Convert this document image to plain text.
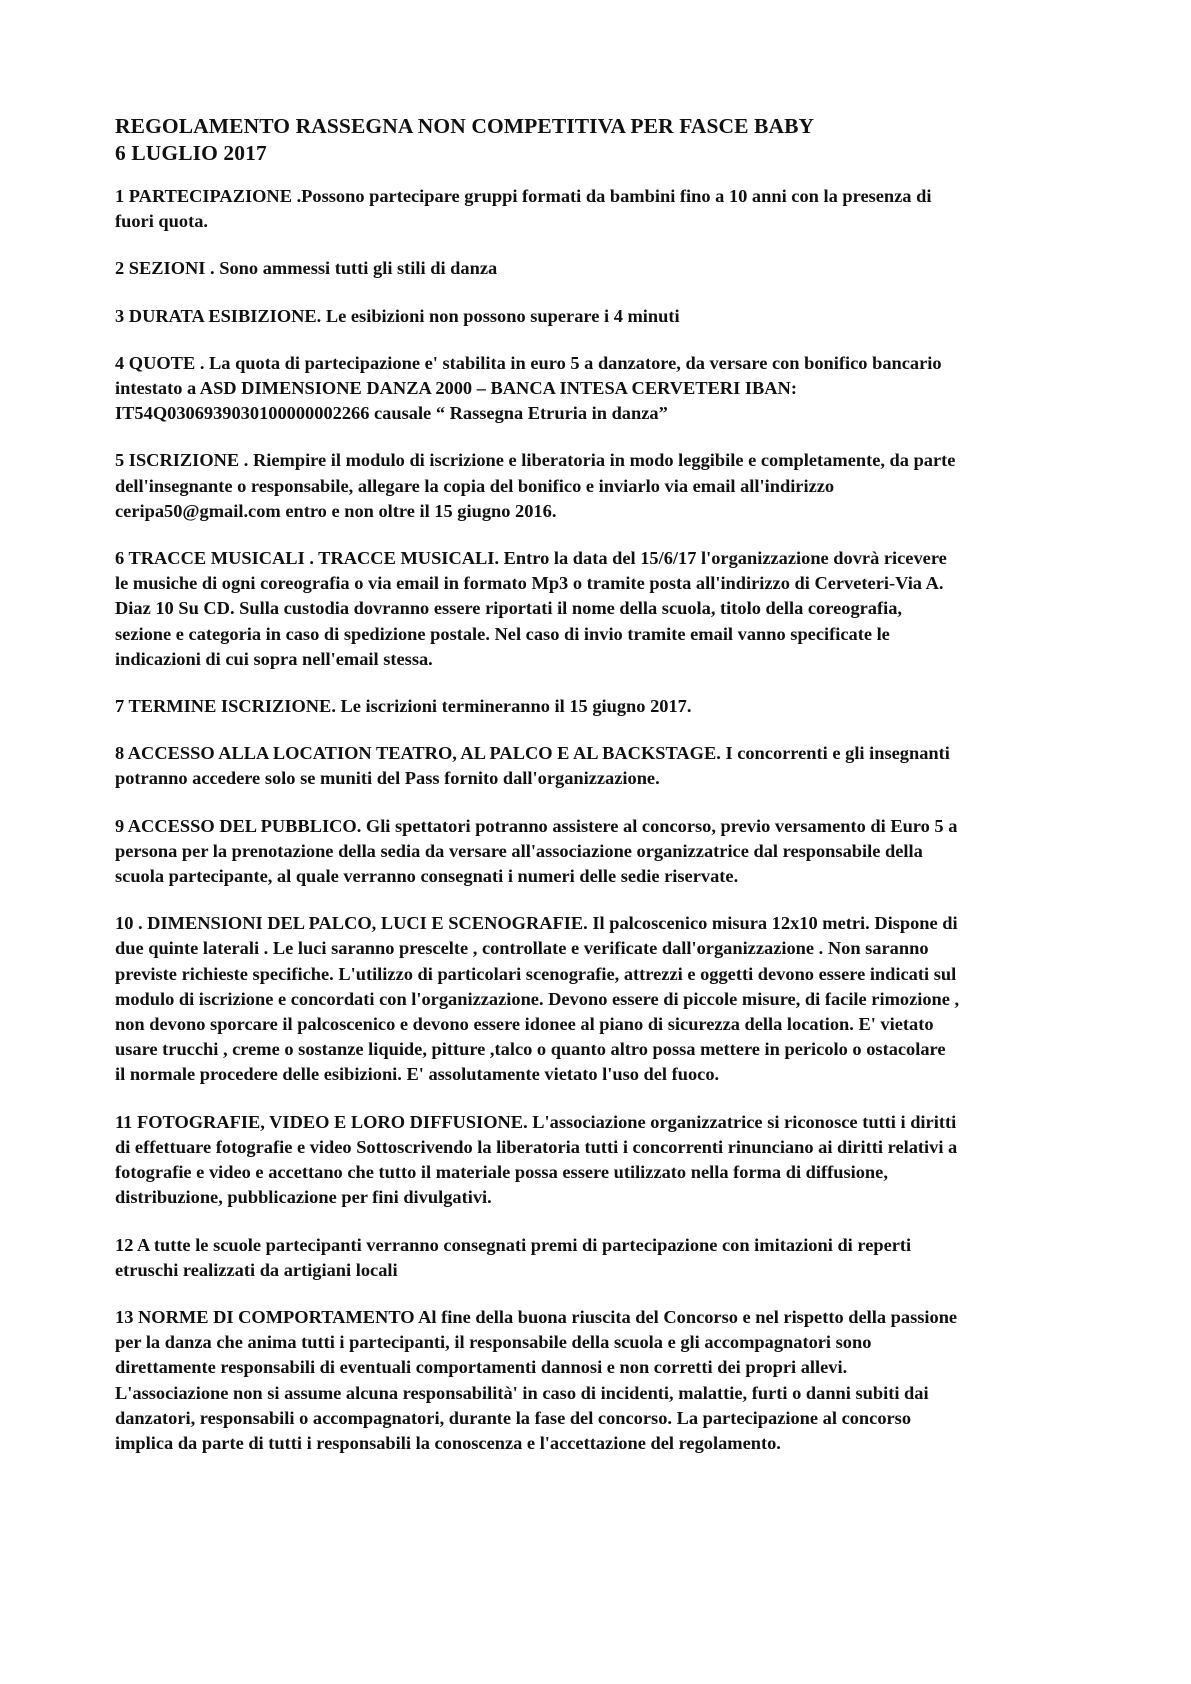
REGOLAMENTO RASSEGNA NON COMPETITIVA PER FASCE BABY
6 LUGLIO 2017

1 PARTECIPAZIONE .Possono partecipare gruppi formati da bambini fino a 10 anni con la presenza di
fuori quota.

2 SEZIONI . Sono ammessi tutti gli stili di danza

3 DURATA ESIBIZIONE. Le esibizioni non possono superare i 4 minuti

4 QUOTE . La quota di partecipazione e' stabilita in euro 5 a danzatore, da versare con bonifico bancario
intestato a ASD DIMENSIONE DANZA 2000 – BANCA INTESA CERVETERI IBAN:
IT54Q0306939030100000002266 causale “ Rassegna Etruria in danza”

5 ISCRIZIONE . Riempire il modulo di iscrizione e liberatoria in modo leggibile e completamente, da parte
dell'insegnante o responsabile, allegare la copia del bonifico e inviarlo via email all'indirizzo
ceripa50@gmail.com entro e non oltre il 15 giugno 2016.

6 TRACCE MUSICALI . TRACCE MUSICALI. Entro la data del 15/6/17 l'organizzazione dovrà ricevere
le musiche di ogni coreografia o via email in formato Mp3 o tramite posta all'indirizzo di Cerveteri-Via A.
Diaz 10 Su CD. Sulla custodia dovranno essere riportati il nome della scuola, titolo della coreografia,
sezione e categoria in caso di spedizione postale. Nel caso di invio tramite email vanno specificate le
indicazioni di cui sopra nell'email stessa.

7 TERMINE ISCRIZIONE. Le iscrizioni termineranno il 15 giugno 2017.

8 ACCESSO ALLA LOCATION TEATRO, AL PALCO E AL BACKSTAGE. I concorrenti e gli insegnanti
potranno accedere solo se muniti del Pass fornito dall'organizzazione.

9 ACCESSO DEL PUBBLICO. Gli spettatori potranno assistere al concorso, previo versamento di Euro 5 a
persona per la prenotazione della sedia da versare all'associazione organizzatrice dal responsabile della
scuola partecipante, al quale verranno consegnati i numeri delle sedie riservate.

10 . DIMENSIONI DEL PALCO, LUCI E SCENOGRAFIE. Il palcoscenico misura 12x10 metri. Dispone di
due quinte laterali . Le luci saranno prescelte , controllate e verificate dall'organizzazione . Non saranno
previste richieste specifiche. L'utilizzo di particolari scenografie, attrezzi e oggetti devono essere indicati sul
modulo di iscrizione e concordati con l'organizzazione. Devono essere di piccole misure, di facile rimozione ,
non devono sporcare il palcoscenico e devono essere idonee al piano di sicurezza della location. E' vietato
usare trucchi , creme o sostanze liquide, pitture ,talco o quanto altro possa mettere in pericolo o ostacolare
il normale procedere delle esibizioni. E' assolutamente vietato l'uso del fuoco.

11 FOTOGRAFIE, VIDEO E LORO DIFFUSIONE. L'associazione organizzatrice si riconosce tutti i diritti
di effettuare fotografie e video Sottoscrivendo la liberatoria tutti i concorrenti rinunciano ai diritti relativi a
fotografie e video e accettano che tutto il materiale possa essere utilizzato nella forma di diffusione,
distribuzione, pubblicazione per fini divulgativi.

12 A tutte le scuole partecipanti verranno consegnati premi di partecipazione con imitazioni di reperti
etruschi realizzati da artigiani locali

13 NORME DI COMPORTAMENTO Al fine della buona riuscita del Concorso e nel rispetto della passione
per la danza che anima tutti i partecipanti, il responsabile della scuola e gli accompagnatori sono
direttamente responsabili di eventuali comportamenti dannosi e non corretti dei propri allevi.
L'associazione non si assume alcuna responsabilità' in caso di incidenti, malattie, furti o danni subiti dai
danzatori, responsabili o accompagnatori, durante la fase del concorso. La partecipazione al concorso
implica da parte di tutti i responsabili la conoscenza e l'accettazione del regolamento.
